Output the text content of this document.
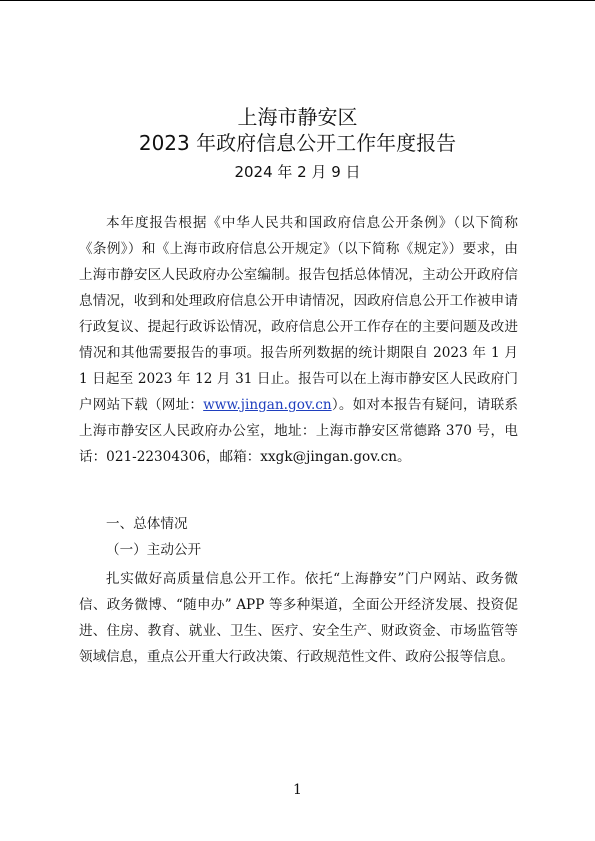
上海市静安区
2023 年政府信息公开工作年度报告
2024 年 2 月 9 日

本年度报告根据《中华人民共和国政府信息公开条例》（以下简称《条例》）和《上海市政府信息公开规定》（以下简称《规定》）要求，由上海市静安区人民政府办公室编制。报告包括总体情况，主动公开政府信息情况，收到和处理政府信息公开申请情况，因政府信息公开工作被申请行政复议、提起行政诉讼情况，政府信息公开工作存在的主要问题及改进情况和其他需要报告的事项。报告所列数据的统计期限自 2023 年 1 月 1 日起至 2023 年 12 月 31 日止。报告可以在上海市静安区人民政府门户网站下载（网址：www.jingan.gov.cn）。如对本报告有疑问，请联系上海市静安区人民政府办公室，地址：上海市静安区常德路 370 号，电话：021-22304306，邮箱：xxgk@jingan.gov.cn。

一、总体情况
（一）主动公开

扎实做好高质量信息公开工作。依托“上海静安”门户网站、政务微信、政务微博、“随申办” APP 等多种渠道，全面公开经济发展、投资促进、住房、教育、就业、卫生、医疗、安全生产、财政资金、市场监管等领域信息，重点公开重大行政决策、行政规范性文件、政府公报等信息。

1
